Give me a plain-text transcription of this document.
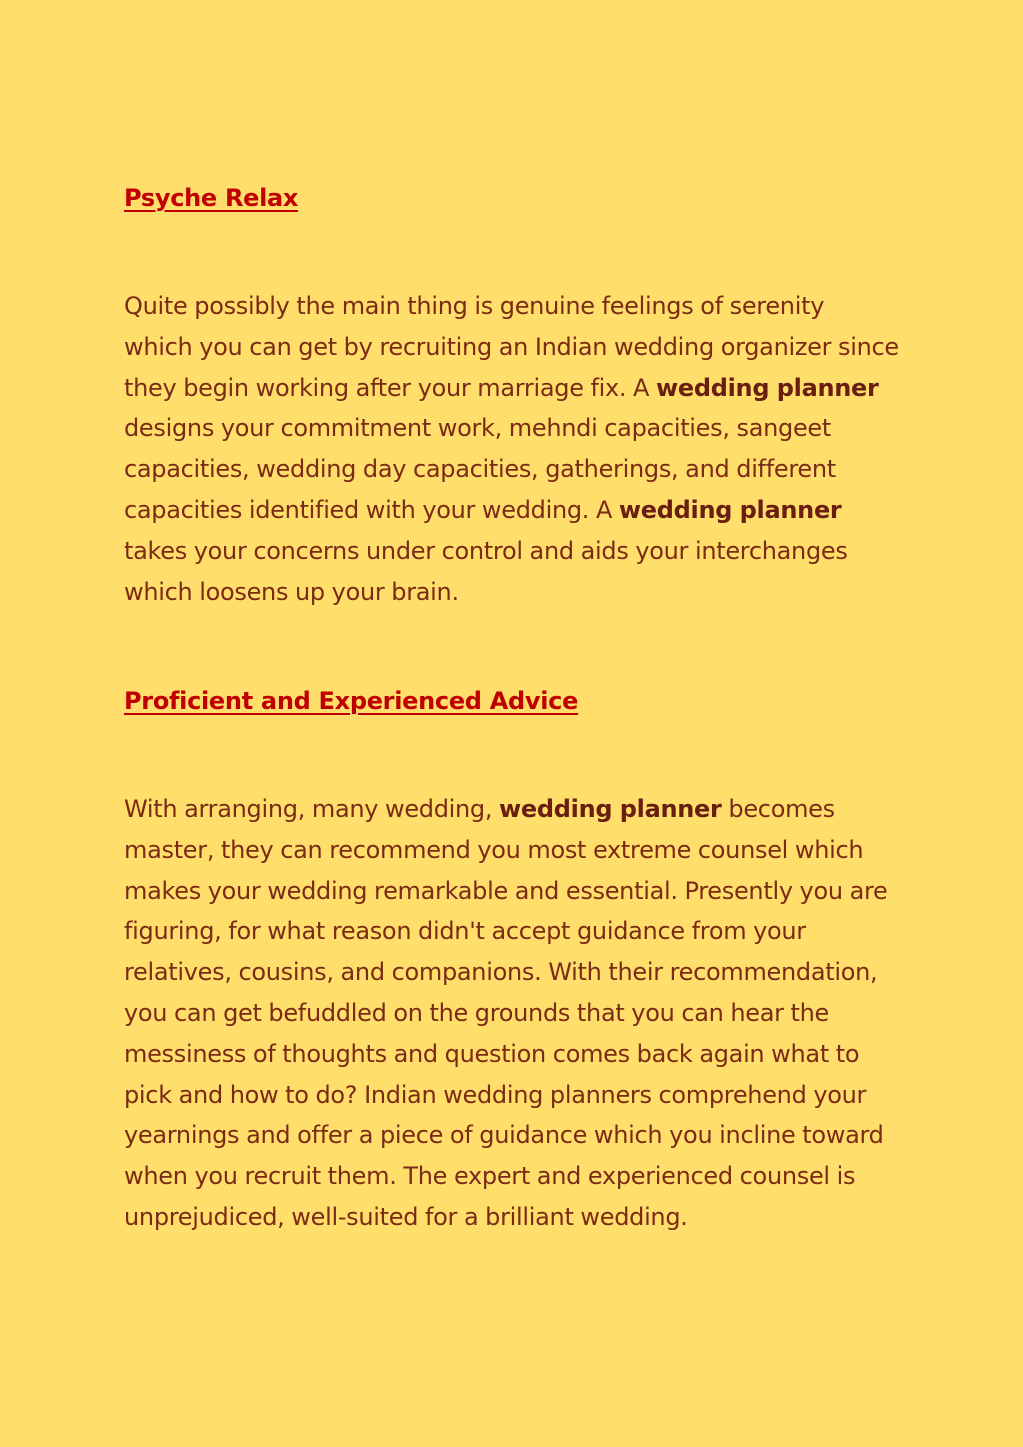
Psyche Relax

Quite possibly the main thing is genuine feelings of serenity which you can get by recruiting an Indian wedding organizer since they begin working after your marriage fix. A wedding planner designs your commitment work, mehndi capacities, sangeet capacities, wedding day capacities, gatherings, and different capacities identified with your wedding. A wedding planner takes your concerns under control and aids your interchanges which loosens up your brain.

Proficient and Experienced Advice

With arranging, many wedding, wedding planner becomes master, they can recommend you most extreme counsel which makes your wedding remarkable and essential. Presently you are figuring, for what reason didn't accept guidance from your relatives, cousins, and companions. With their recommendation, you can get befuddled on the grounds that you can hear the messiness of thoughts and question comes back again what to pick and how to do? Indian wedding planners comprehend your yearnings and offer a piece of guidance which you incline toward when you recruit them. The expert and experienced counsel is unprejudiced, well-suited for a brilliant wedding.
